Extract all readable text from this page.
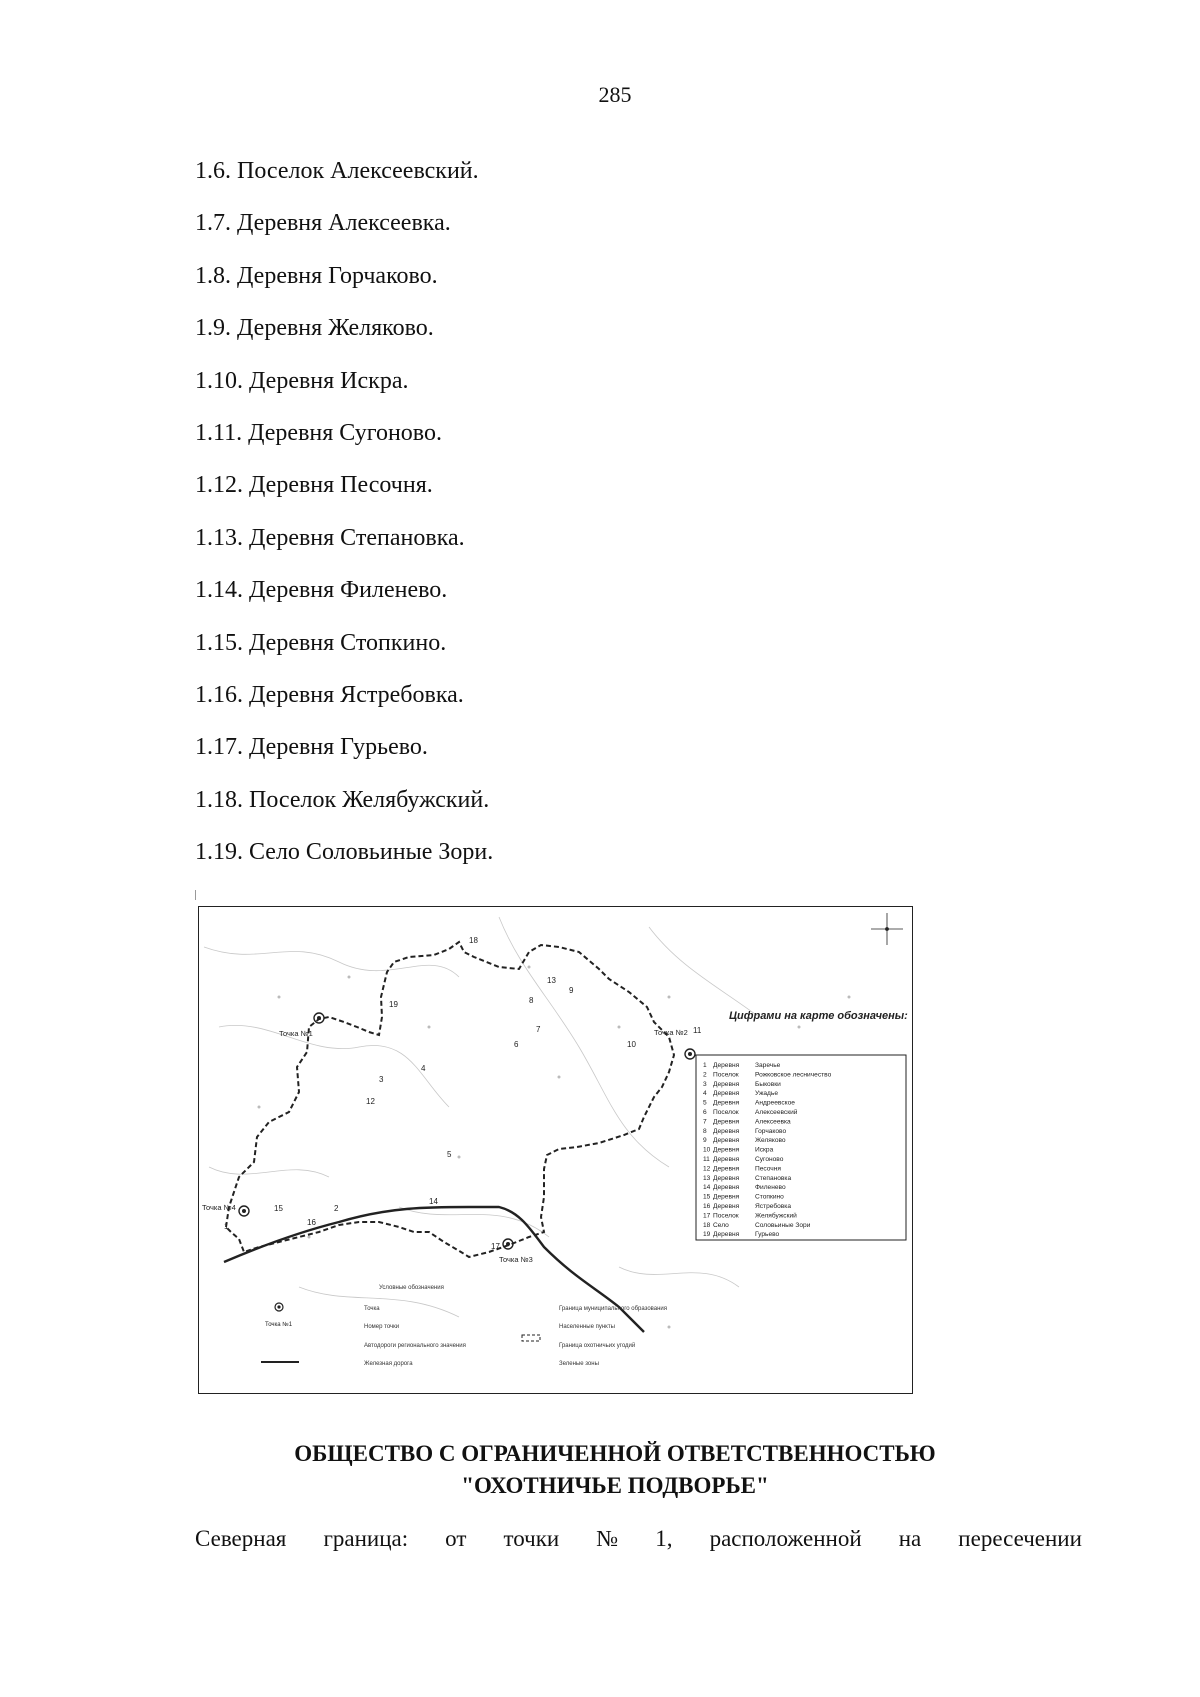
285
1.6. Поселок Алексеевский.
1.7. Деревня Алексеевка.
1.8. Деревня Горчаково.
1.9. Деревня Желяково.
1.10. Деревня Искра.
1.11. Деревня Сугоново.
1.12. Деревня Песочня.
1.13. Деревня Степановка.
1.14. Деревня Филенево.
1.15. Деревня Стопкино.
1.16. Деревня Ястребовка.
1.17. Деревня Гурьево.
1.18. Поселок Желябужский.
1.19. Село Соловьиные Зори.
Точка №1	Точка №2
Точка №3
Точка №4
1
2
3
4
5
6
7
8
9
10
11
12
13
14
15
16
17
18
19
Цифрами на карте обозначены:
1 Деревня Заречье
2 Поселок Рожковское лесничество
3 Деревня Быковки
4 Деревня Ужадье
5 Деревня Андреевское
6 Поселок Алексеевский
7 Деревня Алексеевка
8 Деревня Горчаково
9 Деревня Желяково
10 Деревня Искра
11 Деревня Сугоново
12 Деревня Песочня
13 Деревня Степановка
14 Деревня Филенево
15 Деревня Стопкино
16 Деревня Ястребовка
17 Поселок Желябужский
18 Село	Соловьиные Зори
19 Деревня Гурьево
Условные обозначения
Точка №1
Точка
Номер точки
Автодороги регионального значения
Железная дорога
Граница муниципального образования
Населенные пункты
Граница охотничьих угодий
Зеленые зоны
ОБЩЕСТВО С ОГРАНИЧЕННОЙ ОТВЕТСТВЕННОСТЬЮ
"ОХОТНИЧЬЕ ПОДВОРЬЕ"
Северная граница: от точки № 1, расположенной на пересечении
